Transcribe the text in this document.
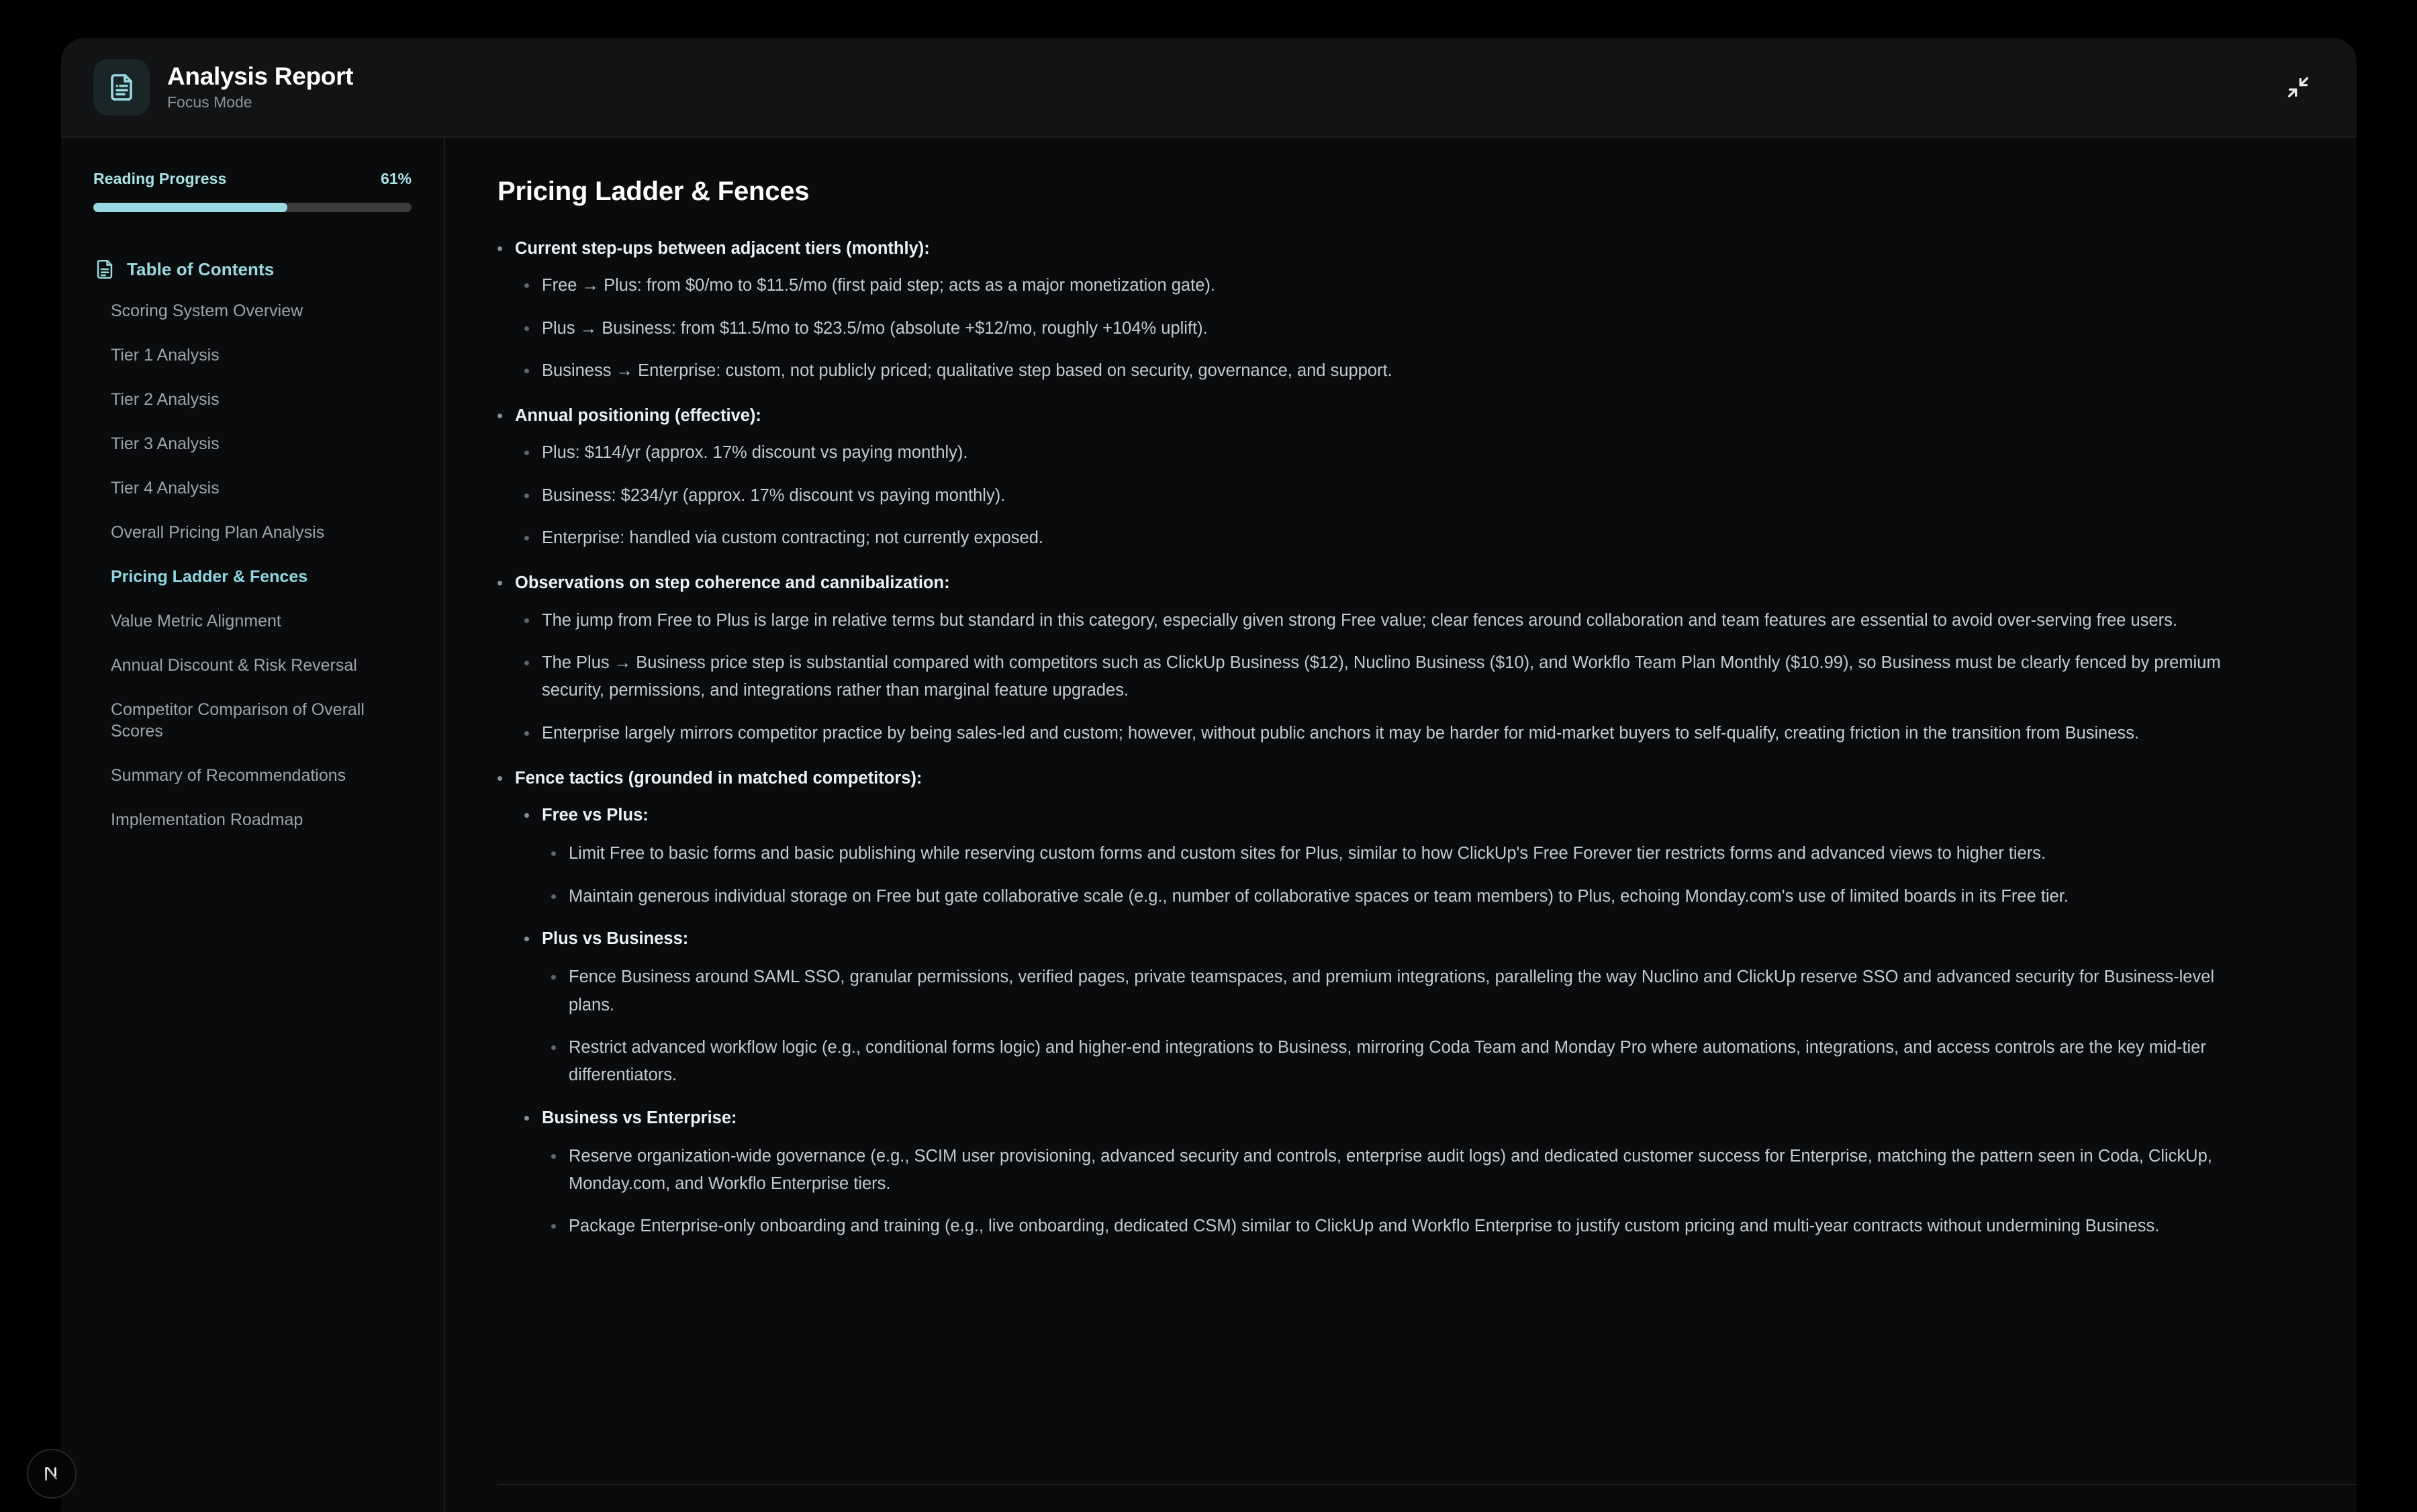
Analysis Report
Focus Mode
Reading Progress	61%
Table of Contents
Scoring System Overview
Tier 1 Analysis
Tier 2 Analysis
Tier 3 Analysis
Tier 4 Analysis
Overall Pricing Plan Analysis
Pricing Ladder & Fences
Value Metric Alignment
Annual Discount & Risk Reversal
Competitor Comparison of Overall Scores
Summary of Recommendations
Implementation Roadmap
Pricing Ladder & Fences
Current step-ups between adjacent tiers (monthly):
Free → Plus: from $0/mo to $11.5/mo (first paid step; acts as a major monetization gate).
Plus → Business: from $11.5/mo to $23.5/mo (absolute +$12/mo, roughly +104% uplift).
Business → Enterprise: custom, not publicly priced; qualitative step based on security, governance, and support.
Annual positioning (effective):
Plus: $114/yr (approx. 17% discount vs paying monthly).
Business: $234/yr (approx. 17% discount vs paying monthly).
Enterprise: handled via custom contracting; not currently exposed.
Observations on step coherence and cannibalization:
The jump from Free to Plus is large in relative terms but standard in this category, especially given strong Free value; clear fences around collaboration and team features are essential to avoid over-serving free users.
The Plus → Business price step is substantial compared with competitors such as ClickUp Business ($12), Nuclino Business ($10), and Workflo Team Plan Monthly ($10.99), so Business must be clearly fenced by premium security, permissions, and integrations rather than marginal feature upgrades.
Enterprise largely mirrors competitor practice by being sales-led and custom; however, without public anchors it may be harder for mid-market buyers to self-qualify, creating friction in the transition from Business.
Fence tactics (grounded in matched competitors):
Free vs Plus:
Limit Free to basic forms and basic publishing while reserving custom forms and custom sites for Plus, similar to how ClickUp's Free Forever tier restricts forms and advanced views to higher tiers.
Maintain generous individual storage on Free but gate collaborative scale (e.g., number of collaborative spaces or team members) to Plus, echoing Monday.com's use of limited boards in its Free tier.
Plus vs Business:
Fence Business around SAML SSO, granular permissions, verified pages, private teamspaces, and premium integrations, paralleling the way Nuclino and ClickUp reserve SSO and advanced security for Business-level plans.
Restrict advanced workflow logic (e.g., conditional forms logic) and higher-end integrations to Business, mirroring Coda Team and Monday Pro where automations, integrations, and access controls are the key mid-tier differentiators.
Business vs Enterprise:
Reserve organization-wide governance (e.g., SCIM user provisioning, advanced security and controls, enterprise audit logs) and dedicated customer success for Enterprise, matching the pattern seen in Coda, ClickUp, Monday.com, and Workflo Enterprise tiers.
Package Enterprise-only onboarding and training (e.g., live onboarding, dedicated CSM) similar to ClickUp and Workflo Enterprise to justify custom pricing and multi-year contracts without undermining Business.
